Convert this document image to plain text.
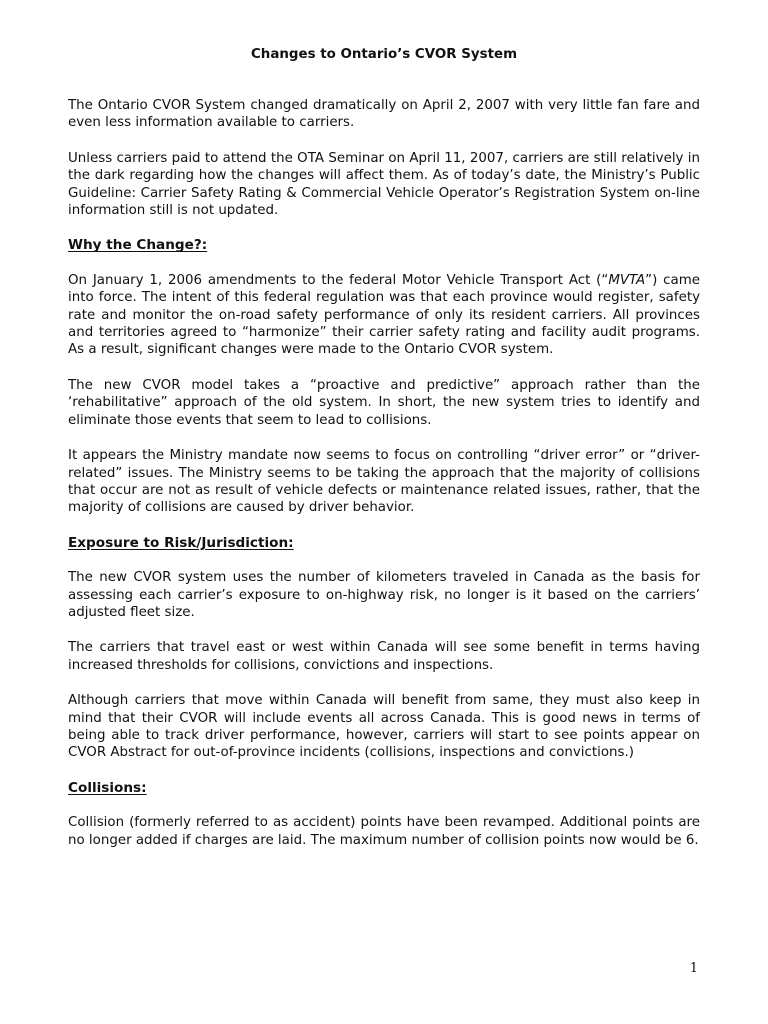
Changes to Ontario’s CVOR System

The Ontario CVOR System changed dramatically on April 2, 2007 with very little fan fare and even less information available to carriers.

Unless carriers paid to attend the OTA Seminar on April 11, 2007, carriers are still relatively in the dark regarding how the changes will affect them. As of today’s date, the Ministry’s Public Guideline: Carrier Safety Rating & Commercial Vehicle Operator’s Registration System on-line information still is not updated.

Why the Change?:

On January 1, 2006 amendments to the federal Motor Vehicle Transport Act (“MVTA”) came into force. The intent of this federal regulation was that each province would register, safety rate and monitor the on-road safety performance of only its resident carriers. All provinces and territories agreed to “harmonize” their carrier safety rating and facility audit programs. As a result, significant changes were made to the Ontario CVOR system.

The new CVOR model takes a “proactive and predictive” approach rather than the ‘rehabilitative” approach of the old system. In short, the new system tries to identify and eliminate those events that seem to lead to collisions.

It appears the Ministry mandate now seems to focus on controlling “driver error” or “driver-related” issues. The Ministry seems to be taking the approach that the majority of collisions that occur are not as result of vehicle defects or maintenance related issues, rather, that the majority of collisions are caused by driver behavior.

Exposure to Risk/Jurisdiction:

The new CVOR system uses the number of kilometers traveled in Canada as the basis for assessing each carrier’s exposure to on-highway risk, no longer is it based on the carriers’ adjusted fleet size.

The carriers that travel east or west within Canada will see some benefit in terms having increased thresholds for collisions, convictions and inspections.

Although carriers that move within Canada will benefit from same, they must also keep in mind that their CVOR will include events all across Canada. This is good news in terms of being able to track driver performance, however, carriers will start to see points appear on CVOR Abstract for out-of-province incidents (collisions, inspections and convictions.)

Collisions:

Collision (formerly referred to as accident) points have been revamped. Additional points are no longer added if charges are laid. The maximum number of collision points now would be 6.

1
